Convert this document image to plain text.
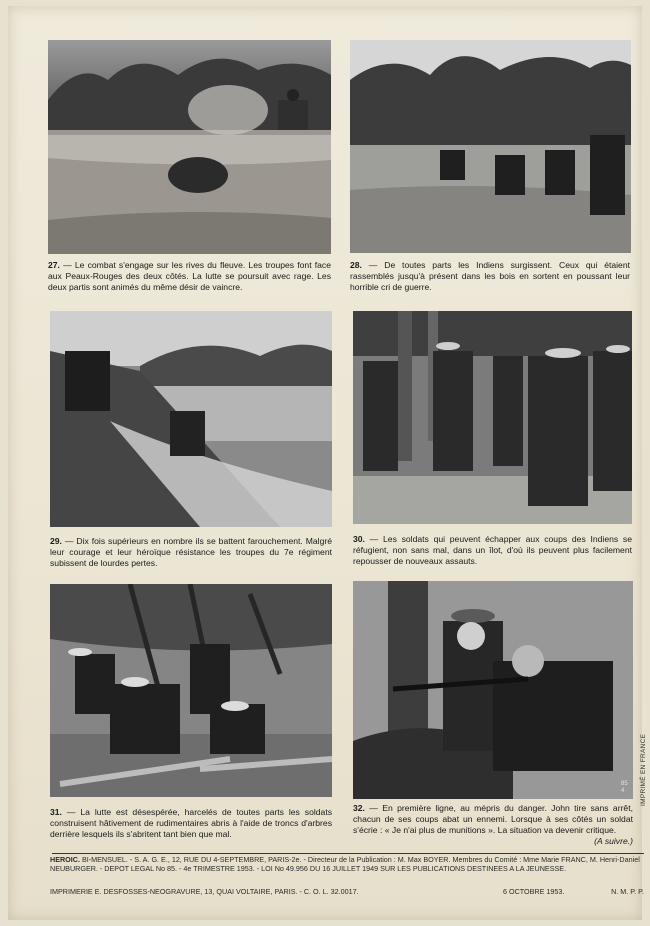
27. — Le combat s'engage sur les rives du fleuve. Les troupes font face aux Peaux-Rouges des deux côtés. La lutte se poursuit avec rage. Les deux partis sont animés du même désir de vaincre.
28. — De toutes parts les Indiens surgissent. Ceux qui étaient rassemblés jusqu'à présent dans les bois en sortent en poussant leur horrible cri de guerre.
29. — Dix fois supérieurs en nombre ils se battent farouchement. Malgré leur courage et leur héroïque résistance les troupes du 7e régiment subissent de lourdes pertes.
30. — Les soldats qui peuvent échapper aux coups des Indiens se réfugient, non sans mal, dans un îlot, d'où ils peuvent plus facilement repousser de nouveaux assauts.
31. — La lutte est désespérée, harcelés de toutes parts les soldats construisent hâtivement de rudimentaires abris à l'aide de troncs d'arbres derrière lesquels ils s'abritent tant bien que mal.
85 4
32. — En première ligne, au mépris du danger. John tire sans arrêt, chacun de ses coups abat un ennemi. Lorsque à ses côtés un soldat s'écrie : « Je n'ai plus de munitions ». La situation va devenir critique.
(A suivre.)
IMPRIMÉ EN FRANCE
HEROIC. BI-MENSUEL. - S. A. G. E., 12, RUE DU 4-SEPTEMBRE, PARIS-2e. - Directeur de la Publication : M. Max BOYER. Membres du Comité : Mme Marie FRANC, M. Henri-Daniel NEUBURGER. - DEPOT LEGAL No 85. - 4e TRIMESTRE 1953. - LOI No 49.956 DU 16 JUILLET 1949 SUR LES PUBLICATIONS DESTINEES A LA JEUNESSE.
IMPRIMERIE E. DESFOSSES-NEOGRAVURE, 13, QUAI VOLTAIRE, PARIS. - C. O. L. 32.0017.	6 OCTOBRE 1953.	N. M. P. P.
